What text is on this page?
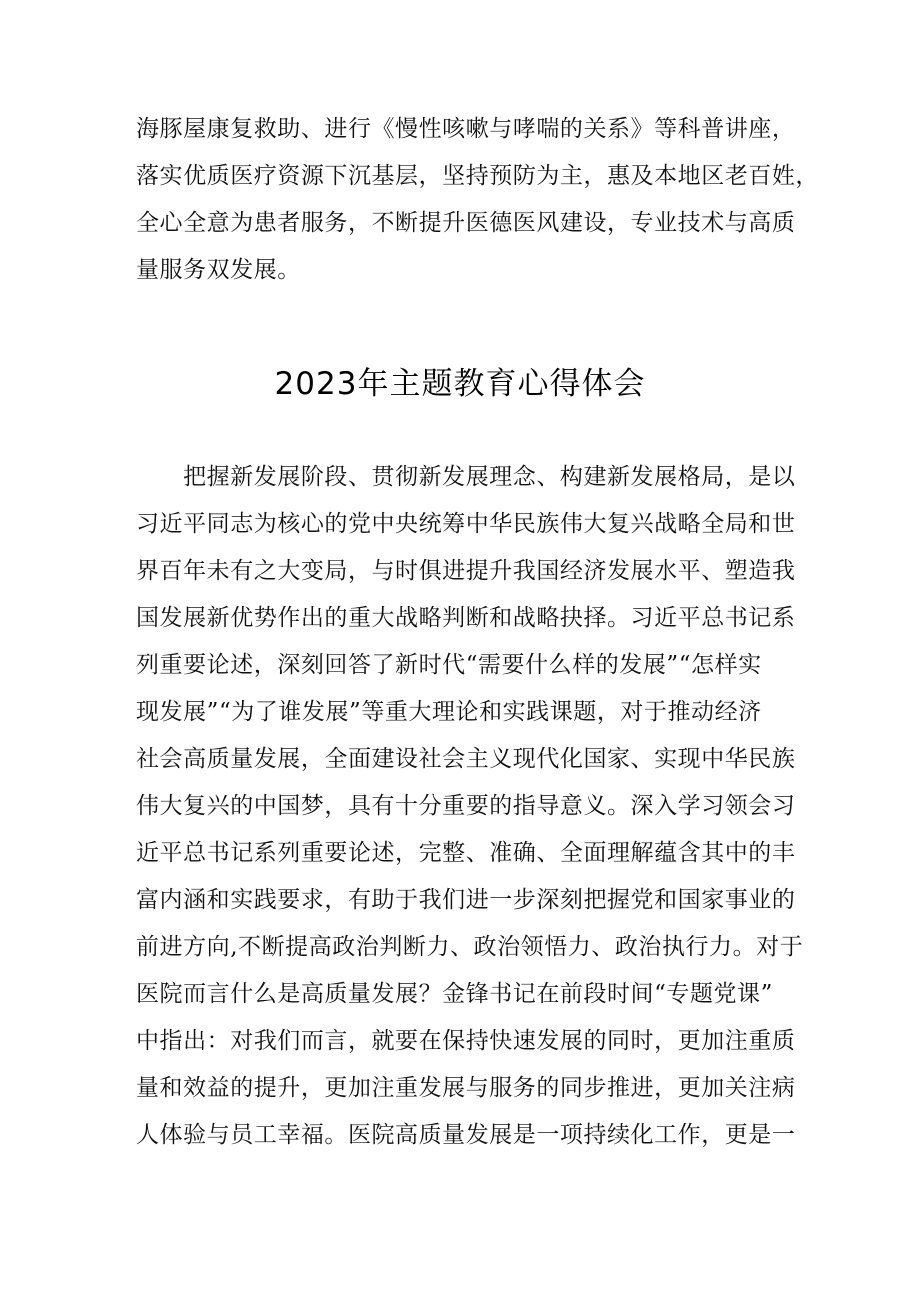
海豚屋康复救助、进行《慢性咳嗽与哮喘的关系》等科普讲座，
落实优质医疗资源下沉基层，坚持预防为主，惠及本地区老百姓，
全心全意为患者服务，不断提升医德医风建设，专业技术与高质
量服务双发展。
2023年主题教育心得体会
　　把握新发展阶段、贯彻新发展理念、构建新发展格局，是以
习近平同志为核心的党中央统筹中华民族伟大复兴战略全局和世
界百年未有之大变局，与时俱进提升我国经济发展水平、塑造我
国发展新优势作出的重大战略判断和战略抉择。习近平总书记系
列重要论述，深刻回答了新时代“需要什么样的发展”“怎样实
现发展”“为了谁发展”等重大理论和实践课题，对于推动经济
社会高质量发展，全面建设社会主义现代化国家、实现中华民族
伟大复兴的中国梦，具有十分重要的指导意义。深入学习领会习
近平总书记系列重要论述，完整、准确、全面理解蕴含其中的丰
富内涵和实践要求，有助于我们进一步深刻把握党和国家事业的
前进方向,不断提高政治判断力、政治领悟力、政治执行力。对于
医院而言什么是高质量发展？金锋书记在前段时间“专题党课”
中指出：对我们而言，就要在保持快速发展的同时，更加注重质
量和效益的提升，更加注重发展与服务的同步推进，更加关注病
人体验与员工幸福。医院高质量发展是一项持续化工作，更是一
